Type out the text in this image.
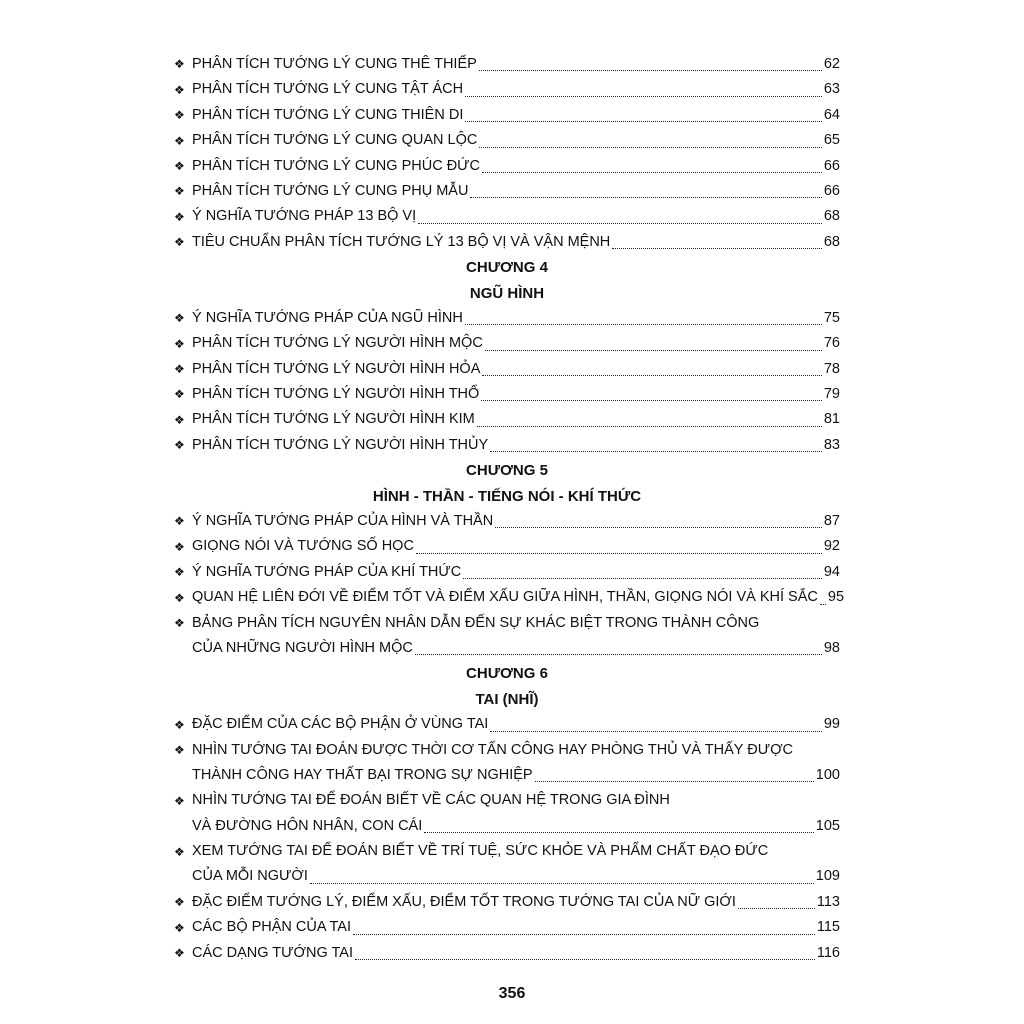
❖ PHÂN TÍCH TƯỚNG LÝ CUNG THÊ THIẾP	62
❖ PHÂN TÍCH TƯỚNG LÝ CUNG TẬT ÁCH	63
❖ PHÂN TÍCH TƯỚNG LÝ CUNG THIÊN DI	64
❖ PHÂN TÍCH TƯỚNG LÝ CUNG QUAN LỘC	65
❖ PHÂN TÍCH TƯỚNG LÝ CUNG PHÚC ĐỨC	66
❖ PHÂN TÍCH TƯỚNG LÝ CUNG PHỤ MẪU	66
❖ Ý NGHĨA TƯỚNG PHÁP 13 BỘ VỊ	68
❖ TIÊU CHUẨN PHÂN TÍCH TƯỚNG LÝ 13 BỘ VỊ VÀ VẬN MỆNH	68
CHƯƠNG 4
NGŨ HÌNH
❖ Ý NGHĨA TƯỚNG PHÁP CỦA NGŨ HÌNH	75
❖ PHÂN TÍCH TƯỚNG LÝ NGƯỜI HÌNH MỘC	76
❖ PHÂN TÍCH TƯỚNG LÝ NGƯỜI HÌNH HỎA	78
❖ PHÂN TÍCH TƯỚNG LÝ NGƯỜI HÌNH THỔ	79
❖ PHÂN TÍCH TƯỚNG LÝ NGƯỜI HÌNH KIM	81
❖ PHÂN TÍCH TƯỚNG LÝ NGƯỜI HÌNH THỦY	83
CHƯƠNG 5
HÌNH - THẦN - TIẾNG NÓI - KHÍ THỨC
❖ Ý NGHĨA TƯỚNG PHÁP CỦA HÌNH VÀ THẦN	87
❖ GIỌNG NÓI VÀ TƯỚNG SỐ HỌC	92
❖ Ý NGHĨA TƯỚNG PHÁP CỦA KHÍ THỨC	94
❖ QUAN HỆ LIÊN ĐỚI VỀ ĐIỂM TỐT VÀ ĐIỂM XẤU GIỮA HÌNH, THẦN, GIỌNG NÓI VÀ KHÍ SẮC 95
❖ BẢNG PHÂN TÍCH NGUYÊN NHÂN DẪN ĐẾN SỰ KHÁC BIỆT TRONG THÀNH CÔNG
CỦA NHỮNG NGƯỜI HÌNH MỘC	98
CHƯƠNG 6
TAI (NHĨ)
❖ ĐẶC ĐIỂM CỦA CÁC BỘ PHẬN Ở VÙNG TAI	99
❖ NHÌN TƯỚNG TAI ĐOÁN ĐƯỢC THỜI CƠ TẤN CÔNG HAY PHÒNG THỦ VÀ THẤY ĐƯỢC
THÀNH CÔNG HAY THẤT BẠI TRONG SỰ NGHIỆP	100
❖ NHÌN TƯỚNG TAI ĐỂ ĐOÁN BIẾT VỀ CÁC QUAN HỆ TRONG GIA ĐÌNH
VÀ ĐƯỜNG HÔN NHÂN, CON CÁI	105
❖ XEM TƯỚNG TAI ĐỂ ĐOÁN BIẾT VỀ TRÍ TUỆ, SỨC KHỎE VÀ PHẨM CHẤT ĐẠO ĐỨC
CỦA MỖI NGƯỜI	109
❖ ĐẶC ĐIỂM TƯỚNG LÝ, ĐIỂM XẤU, ĐIỂM TỐT TRONG TƯỚNG TAI CỦA NỮ GIỚI	113
❖ CÁC BỘ PHẬN CỦA TAI	115
❖ CÁC DẠNG TƯỚNG TAI	116
356
